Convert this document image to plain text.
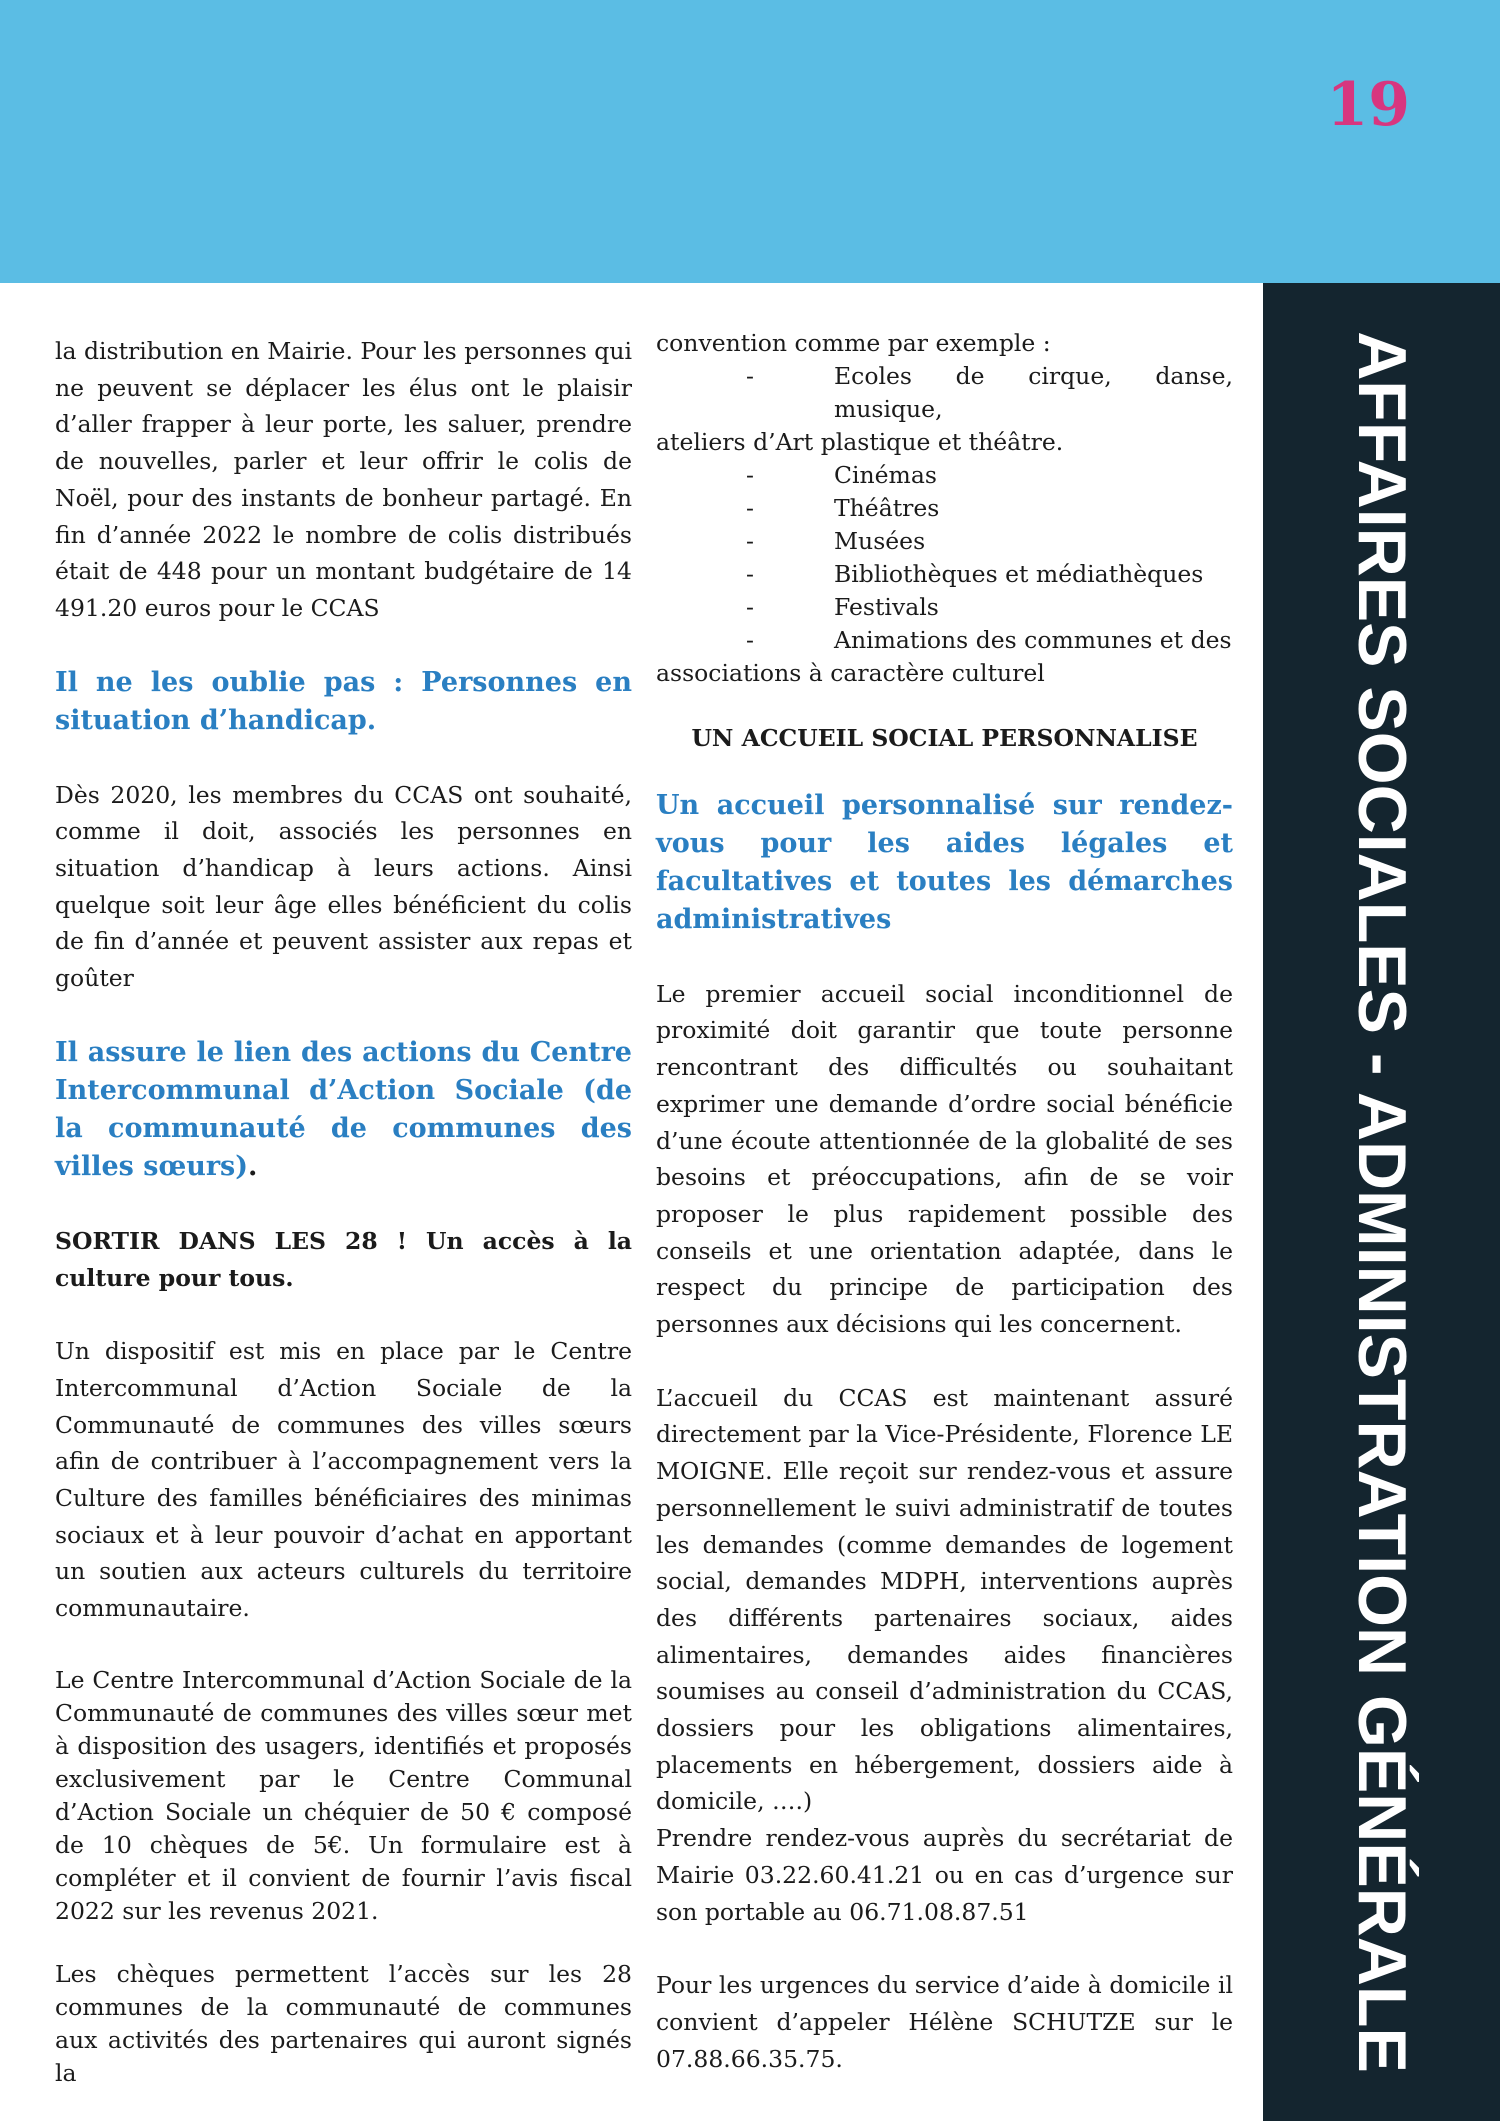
19
AFFAIRES SOCIALES - ADMINISTRATION GÉNÉRALE

la distribution en Mairie. Pour les personnes qui ne peuvent se déplacer les élus ont le plaisir d’aller frapper à leur porte, les saluer, prendre de nouvelles, parler et leur offrir le colis de Noël, pour des instants de bonheur partagé. En fin d’année 2022 le nombre de colis distribués était de 448 pour un montant budgétaire de 14 491.20 euros pour le CCAS

Il ne les oublie pas : Personnes en situation d’handicap.

Dès 2020, les membres du CCAS ont souhaité, comme il doit, associés les personnes en situation d’handicap à leurs actions. Ainsi quelque soit leur âge elles bénéficient du colis de fin d’année et peuvent assister aux repas et goûter

Il assure le lien des actions du Centre Intercommunal d’Action Sociale (de la communauté de communes des villes sœurs).

SORTIR DANS LES 28 ! Un accès à la culture pour tous.

Un dispositif est mis en place par le Centre Intercommunal d’Action Sociale de la Communauté de communes des villes sœurs afin de contribuer à l’accompagnement vers la Culture des familles bénéficiaires des minimas sociaux et à leur pouvoir d’achat en apportant un soutien aux acteurs culturels du territoire communautaire.

Le Centre Intercommunal d’Action Sociale de la Communauté de communes des villes sœur met à disposition des usagers, identifiés et proposés exclusivement par le Centre Communal d’Action Sociale un chéquier de 50 € composé de 10 chèques de 5€. Un formulaire est à compléter et il convient de fournir l’avis fiscal 2022 sur les revenus 2021.

Les chèques permettent l’accès sur les 28 communes de la communauté de communes aux activités des partenaires qui auront signés la

convention comme par exemple :

-	Ecoles de cirque, danse, musique,

ateliers d’Art plastique et théâtre.

-	Cinémas
-	Théâtres
-	Musées
-	Bibliothèques et médiathèques
-	Festivals
-	Animations des communes et des

associations à caractère culturel

UN ACCUEIL SOCIAL PERSONNALISE

Un accueil personnalisé sur rendez-vous pour les aides légales et facultatives et toutes les démarches administratives

Le premier accueil social inconditionnel de proximité doit garantir que toute personne rencontrant des difficultés ou souhaitant exprimer une demande d’ordre social bénéficie d’une écoute attentionnée de la globalité de ses besoins et préoccupations, afin de se voir proposer le plus rapidement possible des conseils et une orientation adaptée, dans le respect du principe de participation des personnes aux décisions qui les concernent.

L’accueil du CCAS est maintenant assuré directement par la Vice-Présidente, Florence LE MOIGNE. Elle reçoit sur rendez-vous et assure personnellement le suivi administratif de toutes les demandes (comme demandes de logement social, demandes MDPH, interventions auprès des différents partenaires sociaux, aides alimentaires, demandes aides financières soumises au conseil d’administration du CCAS, dossiers pour les obligations alimentaires, placements en hébergement, dossiers aide à domicile, ….)

Prendre rendez-vous auprès du secrétariat de Mairie 03.22.60.41.21 ou en cas d’urgence sur son portable au 06.71.08.87.51

Pour les urgences du service d’aide à domicile il convient d’appeler Hélène SCHUTZE sur le 07.88.66.35.75.
